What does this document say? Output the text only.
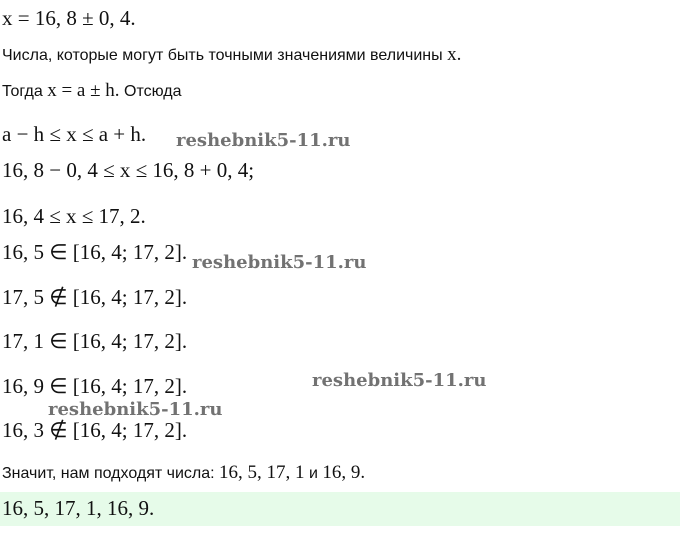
x = 16, 8 ± 0, 4.
Числа, которые могут быть точными значениями величины x.
Тогда x = a ± h. Отсюда
a − h ≤ x ≤ a + h.
16, 8 − 0, 4 ≤ x ≤ 16, 8 + 0, 4;
16, 4 ≤ x ≤ 17, 2.
16, 5 ∈ [16, 4; 17, 2].
17, 5 ∉ [16, 4; 17, 2].
17, 1 ∈ [16, 4; 17, 2].
16, 9 ∈ [16, 4; 17, 2].
16, 3 ∉ [16, 4; 17, 2].
Значит, нам подходят числа: 16, 5, 17, 1 и 16, 9.
16, 5, 17, 1, 16, 9.
reshebnik5-11.ru
reshebnik5-11.ru
reshebnik5-11.ru
reshebnik5-11.ru
